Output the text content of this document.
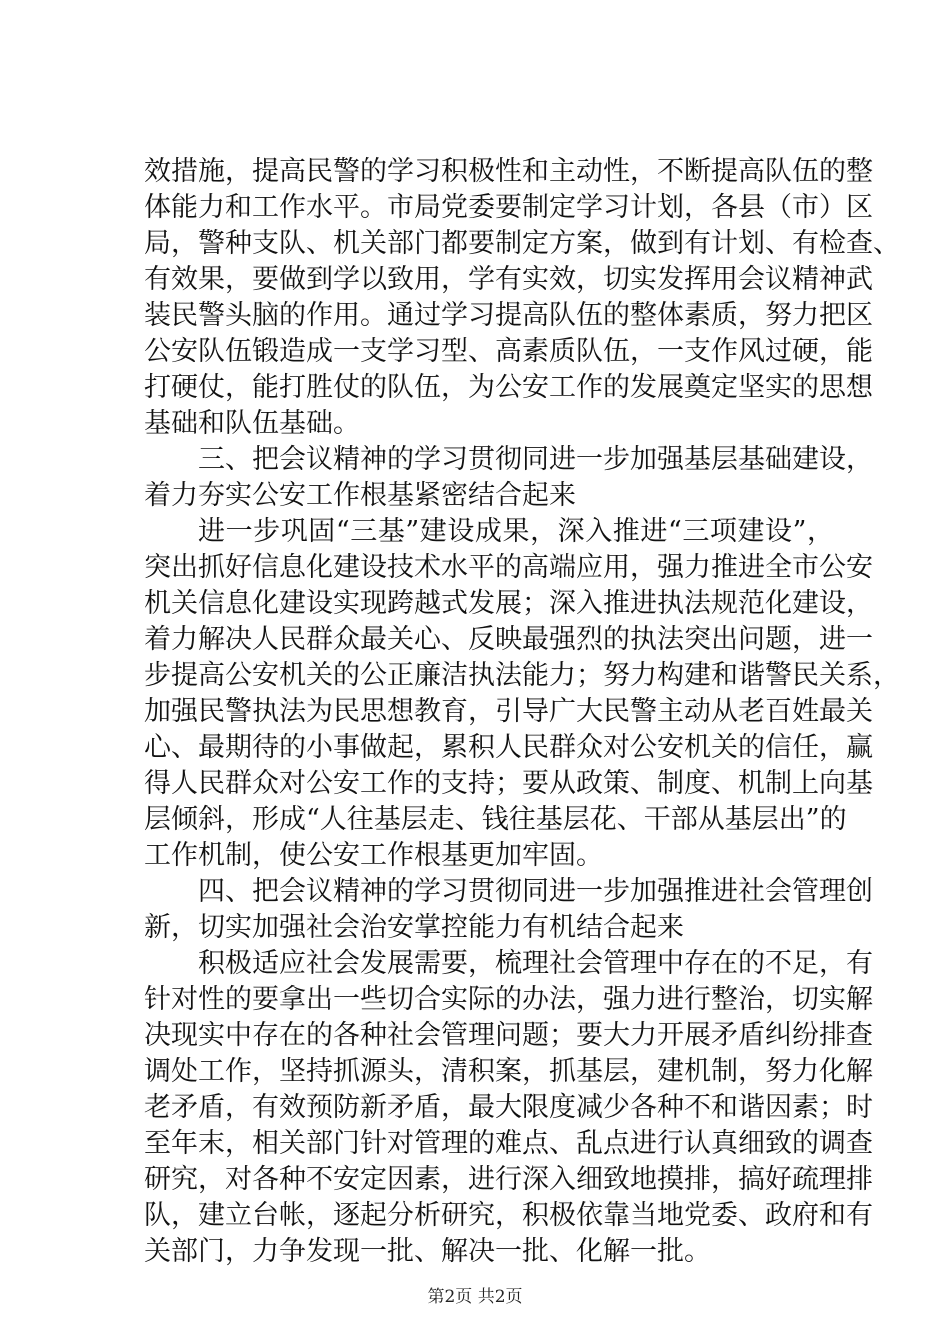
效措施，提高民警的学习积极性和主动性，不断提高队伍的整
体能力和工作水平。市局党委要制定学习计划，各县（市）区
局，警种支队、机关部门都要制定方案，做到有计划、有检查、
有效果，要做到学以致用，学有实效，切实发挥用会议精神武
装民警头脑的作用。通过学习提高队伍的整体素质，努力把区
公安队伍锻造成一支学习型、高素质队伍，一支作风过硬，能
打硬仗，能打胜仗的队伍，为公安工作的发展奠定坚实的思想
基础和队伍基础。
三、把会议精神的学习贯彻同进一步加强基层基础建设，
着力夯实公安工作根基紧密结合起来
进一步巩固“三基”建设成果，深入推进“三项建设”，
突出抓好信息化建设技术水平的高端应用，强力推进全市公安
机关信息化建设实现跨越式发展；深入推进执法规范化建设，
着力解决人民群众最关心、反映最强烈的执法突出问题，进一
步提高公安机关的公正廉洁执法能力；努力构建和谐警民关系，
加强民警执法为民思想教育，引导广大民警主动从老百姓最关
心、最期待的小事做起，累积人民群众对公安机关的信任，赢
得人民群众对公安工作的支持；要从政策、制度、机制上向基
层倾斜，形成“人往基层走、钱往基层花、干部从基层出”的
工作机制，使公安工作根基更加牢固。
四、把会议精神的学习贯彻同进一步加强推进社会管理创
新，切实加强社会治安掌控能力有机结合起来
积极适应社会发展需要，梳理社会管理中存在的不足，有
针对性的要拿出一些切合实际的办法，强力进行整治，切实解
决现实中存在的各种社会管理问题；要大力开展矛盾纠纷排查
调处工作，坚持抓源头，清积案，抓基层，建机制，努力化解
老矛盾，有效预防新矛盾，最大限度减少各种不和谐因素；时
至年末，相关部门针对管理的难点、乱点进行认真细致的调查
研究，对各种不安定因素，进行深入细致地摸排，搞好疏理排
队，建立台帐，逐起分析研究，积极依靠当地党委、政府和有
关部门，力争发现一批、解决一批、化解一批。
第2页 共2页
